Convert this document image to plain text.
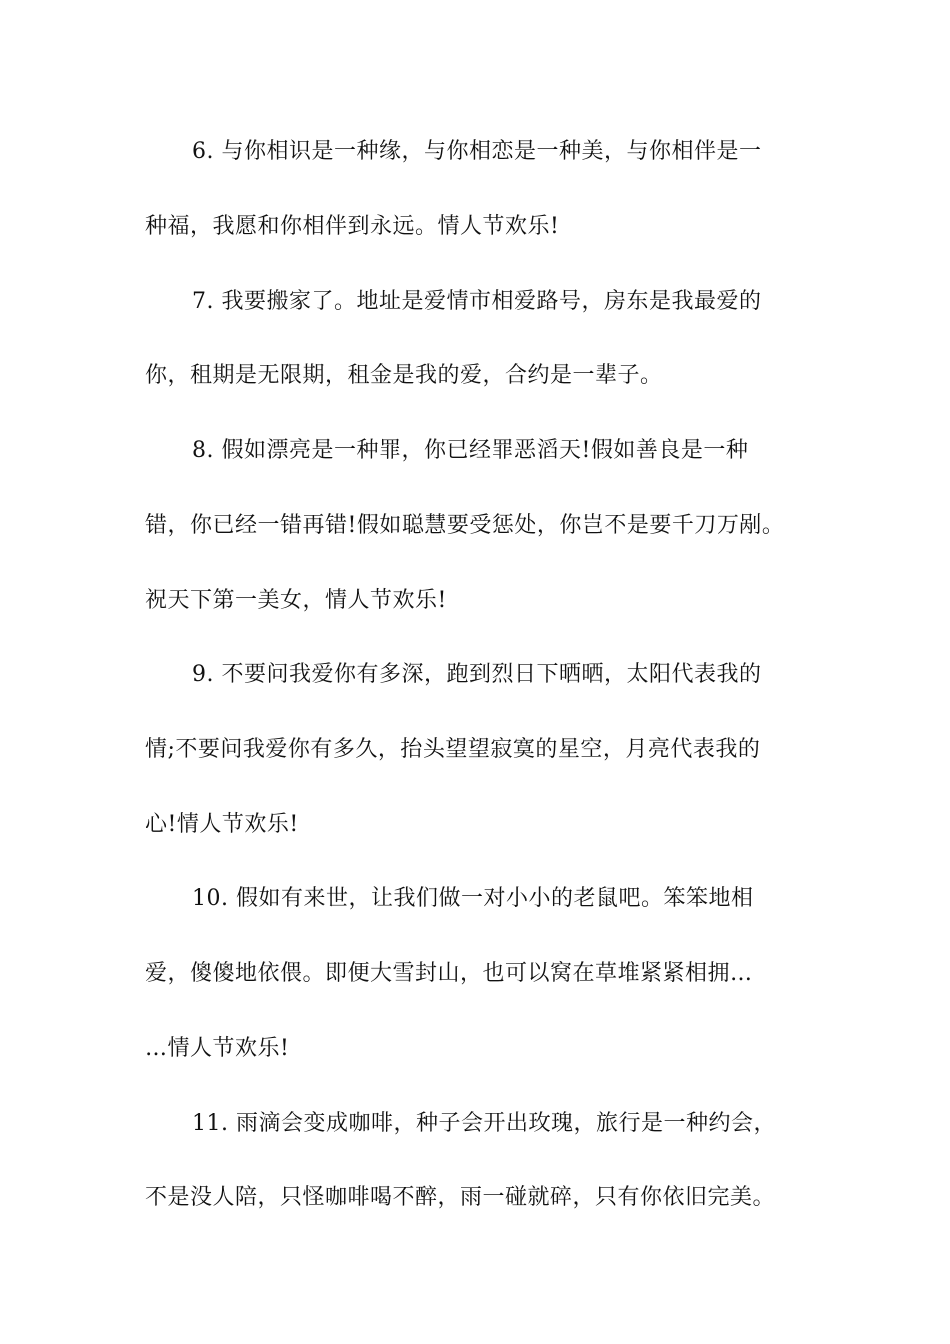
6. 与你相识是一种缘，与你相恋是一种美，与你相伴是一
种福，我愿和你相伴到永远。情人节欢乐!
7. 我要搬家了。地址是爱情市相爱路号，房东是我最爱的
你，租期是无限期，租金是我的爱，合约是一辈子。
8. 假如漂亮是一种罪，你已经罪恶滔天!假如善良是一种
错，你已经一错再错!假如聪慧要受惩处，你岂不是要千刀万剐。
祝天下第一美女，情人节欢乐!
9. 不要问我爱你有多深，跑到烈日下晒晒，太阳代表我的
情;不要问我爱你有多久，抬头望望寂寞的星空，月亮代表我的
心!情人节欢乐!
10. 假如有来世，让我们做一对小小的老鼠吧。笨笨地相
爱，傻傻地依偎。即便大雪封山，也可以窝在草堆紧紧相拥…
…情人节欢乐!
11. 雨滴会变成咖啡，种子会开出玫瑰，旅行是一种约会，
不是没人陪，只怪咖啡喝不醉，雨一碰就碎，只有你依旧完美。
